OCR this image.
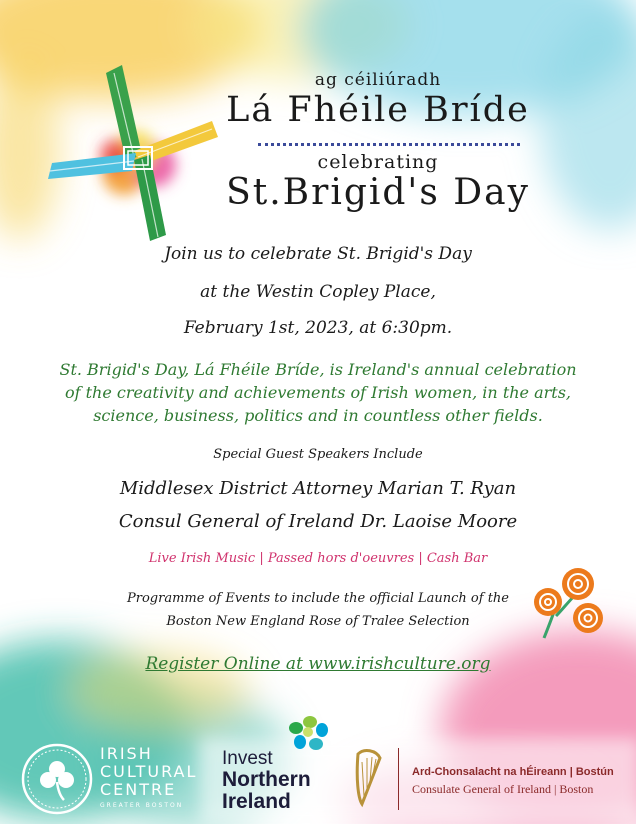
ag céiliúradh
Lá Fhéile Bríde
celebrating
St.Brigid's Day
Join us to celebrate St. Brigid's Day
at the Westin Copley Place,
February 1st, 2023, at 6:30pm.
St. Brigid's Day, Lá Fhéile Bríde, is Ireland's annual celebration
of the creativity and achievements of Irish women, in the arts,
science, business, politics and in countless other fields.
Special Guest Speakers Include
Middlesex District Attorney Marian T. Ryan
Consul General of Ireland Dr. Laoise Moore
Live Irish Music | Passed hors d'oeuvres | Cash Bar
Programme of Events to include the official Launch of the
Boston New England Rose of Tralee Selection
Register Online at www.irishculture.org
IRISH
CULTURAL
CENTRE
GREATER BOSTON
Invest
Northern
Ireland
Ard-Chonsalacht na hÉireann | Bostún
Consulate General of Ireland | Boston
